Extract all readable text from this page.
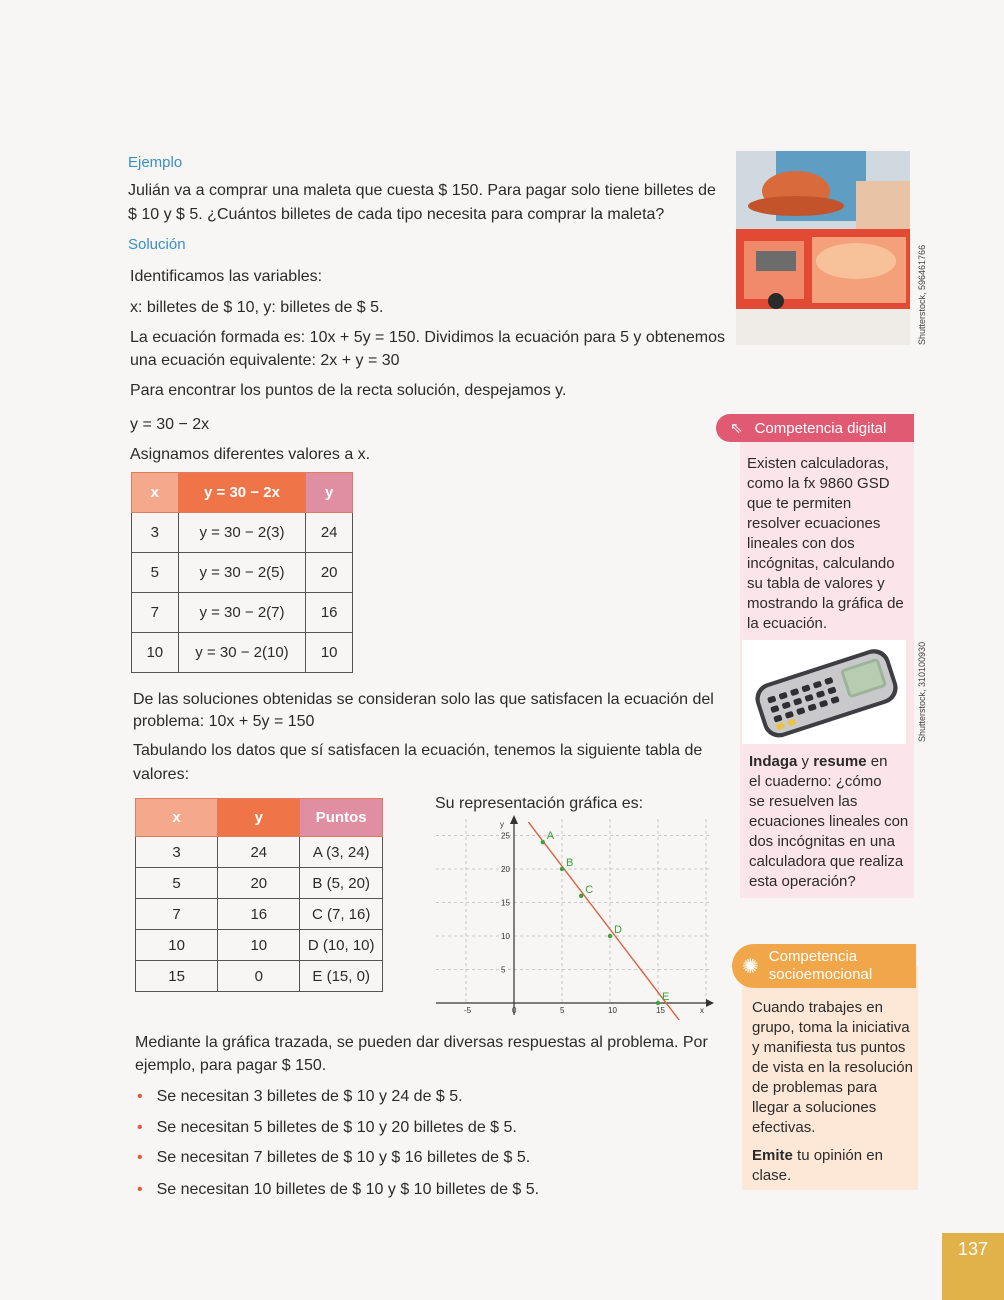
Ejemplo

Julián va a comprar una maleta que cuesta $ 150. Para pagar solo tiene billetes de

$ 10 y $ 5. ¿Cuántos billetes de cada tipo necesita para comprar la maleta?

Solución

Identificamos las variables:

x: billetes de $ 10, y: billetes de $ 5.

La ecuación formada es: 10x + 5y = 150. Dividimos la ecuación para 5 y obtenemos

una ecuación equivalente: 2x + y = 30

Para encontrar los puntos de la recta solución, despejamos y.

y = 30 − 2x

Asignamos diferentes valores a x.

x	y = 30 − 2x	y
3	y = 30 − 2(3)	24
5	y = 30 − 2(5)	20
7	y = 30 − 2(7)	16
10	y = 30 − 2(10)	10

De las soluciones obtenidas se consideran solo las que satisfacen la ecuación del

problema: 10x + 5y = 150

Tabulando los datos que sí satisfacen la ecuación, tenemos la siguiente tabla de

valores:

x	y	Puntos
3	24	A (3, 24)
5	20	B (5, 20)
7	16	C (7, 16)
10	10	D (10, 10)
15	0	E (15, 0)
Su representación gráfica es:
-5	0	5	10	15
5
10
15
20
25
x
y
A
B
C
D
E

Mediante la gráfica trazada, se pueden dar diversas respuestas al problema. Por

ejemplo, para pagar $ 150.

• Se necesitan 3 billetes de $ 10 y 24 de $ 5.
• Se necesitan 5 billetes de $ 10 y 20 billetes de $ 5.
• Se necesitan 7 billetes de $ 10 y $ 16 billetes de $ 5.
• Se necesitan 10 billetes de $ 10 y $ 10 billetes de $ 5.
Shutterstock, 596461766
⇖ Competencia digital
Existen calculadoras,
como la fx 9860 GSD
que te permiten
resolver ecuaciones
lineales con dos
incógnitas, calculando
su tabla de valores y
mostrando la gráfica de
la ecuación.
Shutterstock, 310100930
Indaga y resume en
el cuaderno: ¿cómo
se resuelven las
ecuaciones lineales con
dos incógnitas en una
calculadora que realiza
esta operación?
✺ Competencia
socioemocional
Cuando trabajes en
grupo, toma la iniciativa
y manifiesta tus puntos
de vista en la resolución
de problemas para
llegar a soluciones
efectivas.
Emite tu opinión en
clase.
137
